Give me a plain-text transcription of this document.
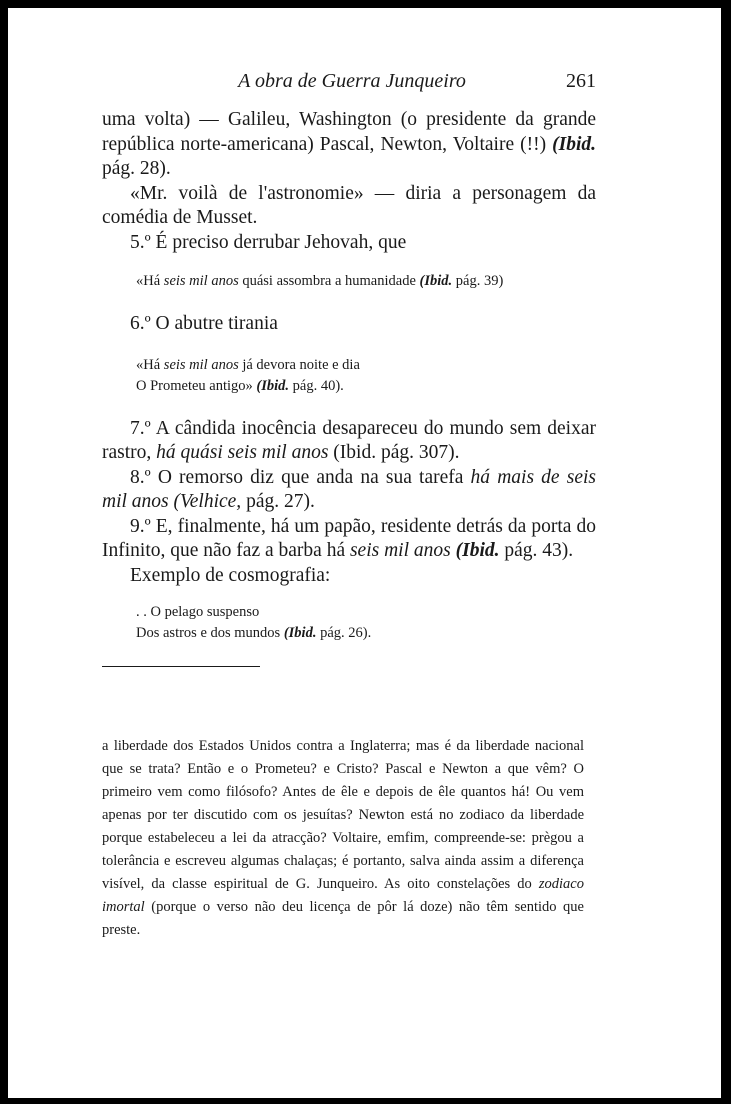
A obra de Guerra Junqueiro	261

uma volta) — Galileu, Washington (o presidente da grande república norte-americana) Pascal, Newton, Voltaire (!!) (Ibid. pág. 28).

«Mr. voilà de l'astronomie» — diria a personagem da comédia de Musset.

5.º É preciso derrubar Jehovah, que

«Há seis mil anos quási assombra a humanidade (Ibid. pág. 39)

6.º O abutre tirania

«Há seis mil anos já devora noite e dia
O Prometeu antigo» (Ibid. pág. 40).

7.º A cândida inocência desapareceu do mundo sem deixar rastro, há quási seis mil anos (Ibid. pág. 307).

8.º O remorso diz que anda na sua tarefa há mais de seis mil anos (Velhice, pág. 27).

9.º E, finalmente, há um papão, residente detrás da porta do Infinito, que não faz a barba há seis mil anos (Ibid. pág. 43).

Exemplo de cosmografia:

. . O pelago suspenso
Dos astros e dos mundos (Ibid. pág. 26).

a liberdade dos Estados Unidos contra a Inglaterra; mas é da liberdade nacional que se trata? Então e o Prometeu? e Cristo? Pascal e Newton a que vêm? O primeiro vem como filósofo? Antes de êle e depois de êle quantos há! Ou vem apenas por ter discutido com os jesuítas? Newton está no zodiaco da liberdade porque estabeleceu a lei da atracção? Voltaire, emfim, compreende-se: prègou a tolerância e escreveu algumas chalaças; é portanto, salva ainda assim a diferença visível, da classe espiritual de G. Junqueiro. As oito constelações do zodiaco imortal (porque o verso não deu licença de pôr lá doze) não têm sentido que preste.
